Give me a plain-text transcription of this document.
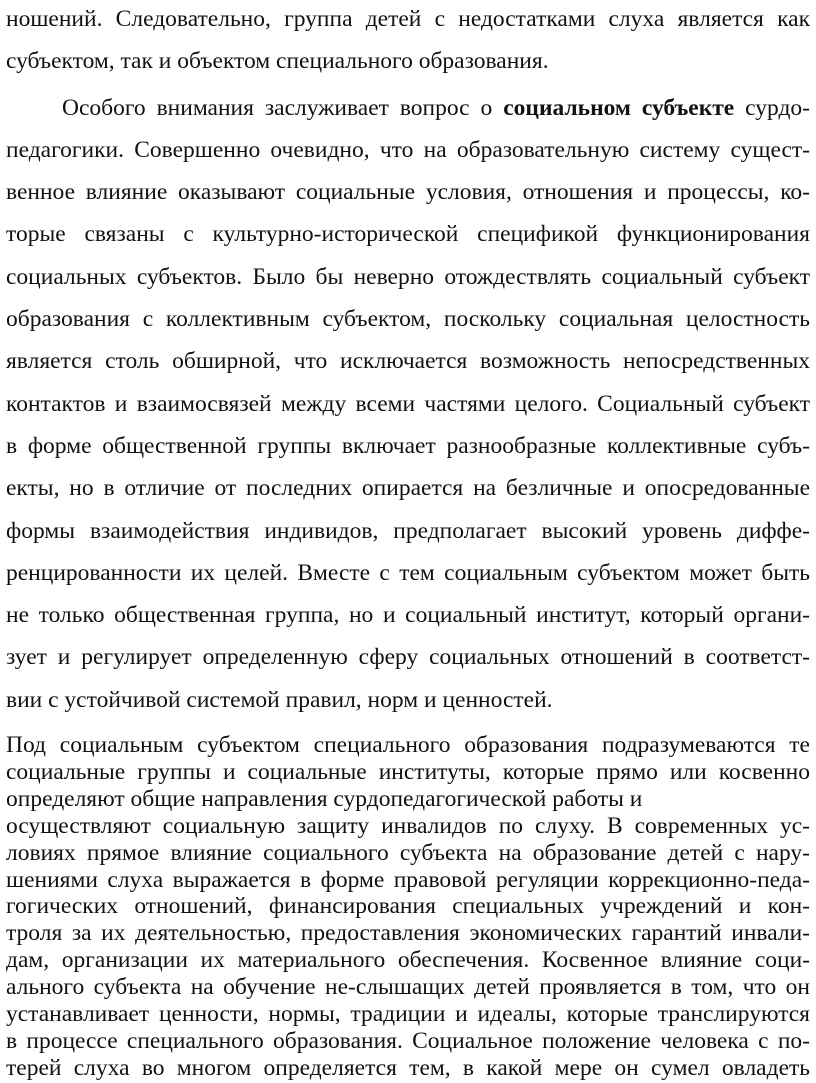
ношений. Следовательно, группа детей с недостатками слуха является как
субъектом, так и объектом специального образования.
Особого внимания заслуживает вопрос о социальном субъекте сурдо-
педагогики. Совершенно очевидно, что на образовательную систему сущест-
венное влияние оказывают социальные условия, отношения и процессы, ко-
торые связаны с культурно-исторической спецификой функционирования
социальных субъектов. Было бы неверно отождествлять социальный субъект
образования с коллективным субъектом, поскольку социальная целостность
является столь обширной, что исключается возможность непосредственных
контактов и взаимосвязей между всеми частями целого. Социальный субъект
в форме общественной группы включает разнообразные коллективные субъ-
екты, но в отличие от последних опирается на безличные и опосредованные
формы взаимодействия индивидов, предполагает высокий уровень диффе-
ренцированности их целей. Вместе с тем социальным субъектом может быть
не только общественная группа, но и социальный институт, который органи-
зует и регулирует определенную сферу социальных отношений в соответст-
вии с устойчивой системой правил, норм и ценностей.
Под социальным субъектом специального образования подразумеваются те
социальные группы и социальные институты, которые прямо или косвенно
определяют общие направления сурдопедагогической работы и
осуществляют социальную защиту инвалидов по слуху. В современных ус-
ловиях прямое влияние социального субъекта на образование детей с нару-
шениями слуха выражается в форме правовой регуляции коррекционно-педа-
гогических отношений, финансирования специальных учреждений и кон-
троля за их деятельностью, предоставления экономических гарантий инвали-
дам, организации их материального обеспечения. Косвенное влияние соци-
ального субъекта на обучение не-слышащих детей проявляется в том, что он
устанавливает ценности, нормы, традиции и идеалы, которые транслируются
в процессе специального образования. Социальное положение человека с по-
терей слуха во многом определяется тем, в какой мере он сумел овладеть
